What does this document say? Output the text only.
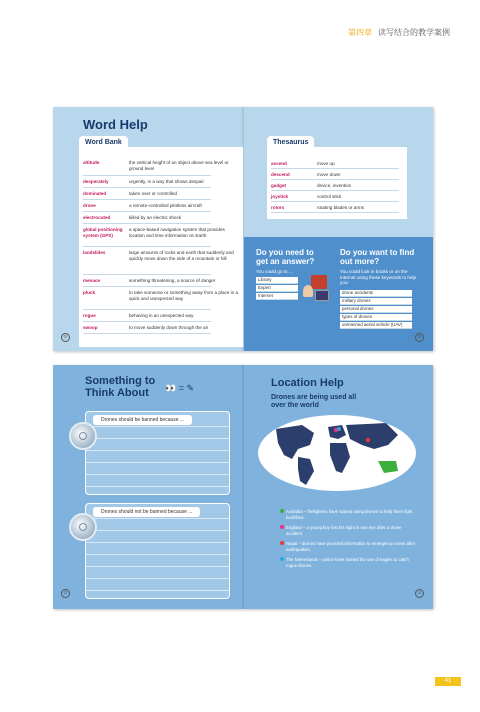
第四章 读写结合的教学案例
Word Help
Word Bank
altitude	the vertical height of an object above sea level or ground level
desperately	urgently, in a way that shows despair
dominated	taken over or controlled
drone	a remote-controlled pilotless aircraft
electrocuted	killed by an electric shock
global positioning system (GPS)
a space-based navigation system that provides location and time information on Earth
landslides	large amounts of rocks and earth that suddenly and quickly move down the side of a mountain or hill
menace	something threatening, a source of danger
pluck	to take someone or something away from a place in a quick and unexpected way
rogue	behaving in an unexpected way
swoop	to move suddenly down through the air
⊙
Thesaurus
ascend	move up
descend	move down
gadget	device, invention
joystick	control stick
rotors	rotating blades or arms
Do you need to get an answer?
You could go to ...
Library
Expert
Internet
Do you want to find out more?
You could look in books or on the Internet using these keywords to help you:
drone accidents
military drones
personal drones
types of drones
unmanned aerial vehicle (UAV)
⊙
Something to
Think About	👀 = ✎
Drones should be banned because ...
Drones should not be banned because ...
⊙
Location Help
Drones are being used all over the world
Australia – firefighters have started using drones to help them fight bushfires.
England – a young boy lost his sight in one eye after a drone accident.
Nepal – drones have provided information to emergency crews after earthquakes.
The Netherlands – police have trained the use of eagles to catch rogue drones.
⊙
41
